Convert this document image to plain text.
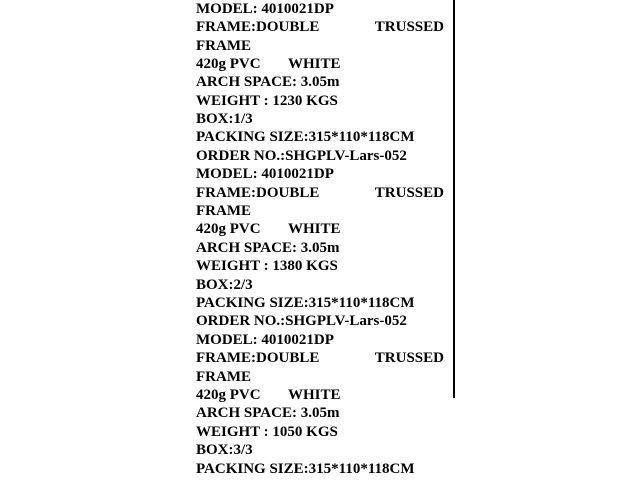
MODEL: 4010021DP
FRAME:DOUBLE	TRUSSED
FRAME
420g PVC WHITE
ARCH SPACE: 3.05m
WEIGHT : 1230 KGS
BOX:1/3
PACKING SIZE:315*110*118CM
ORDER NO.:SHGPLV-Lars-052
MODEL: 4010021DP
FRAME:DOUBLE	TRUSSED
FRAME
420g PVC WHITE
ARCH SPACE: 3.05m
WEIGHT : 1380 KGS
BOX:2/3
PACKING SIZE:315*110*118CM
ORDER NO.:SHGPLV-Lars-052
MODEL: 4010021DP
FRAME:DOUBLE	TRUSSED
FRAME
420g PVC WHITE
ARCH SPACE: 3.05m
WEIGHT : 1050 KGS
BOX:3/3
PACKING SIZE:315*110*118CM
